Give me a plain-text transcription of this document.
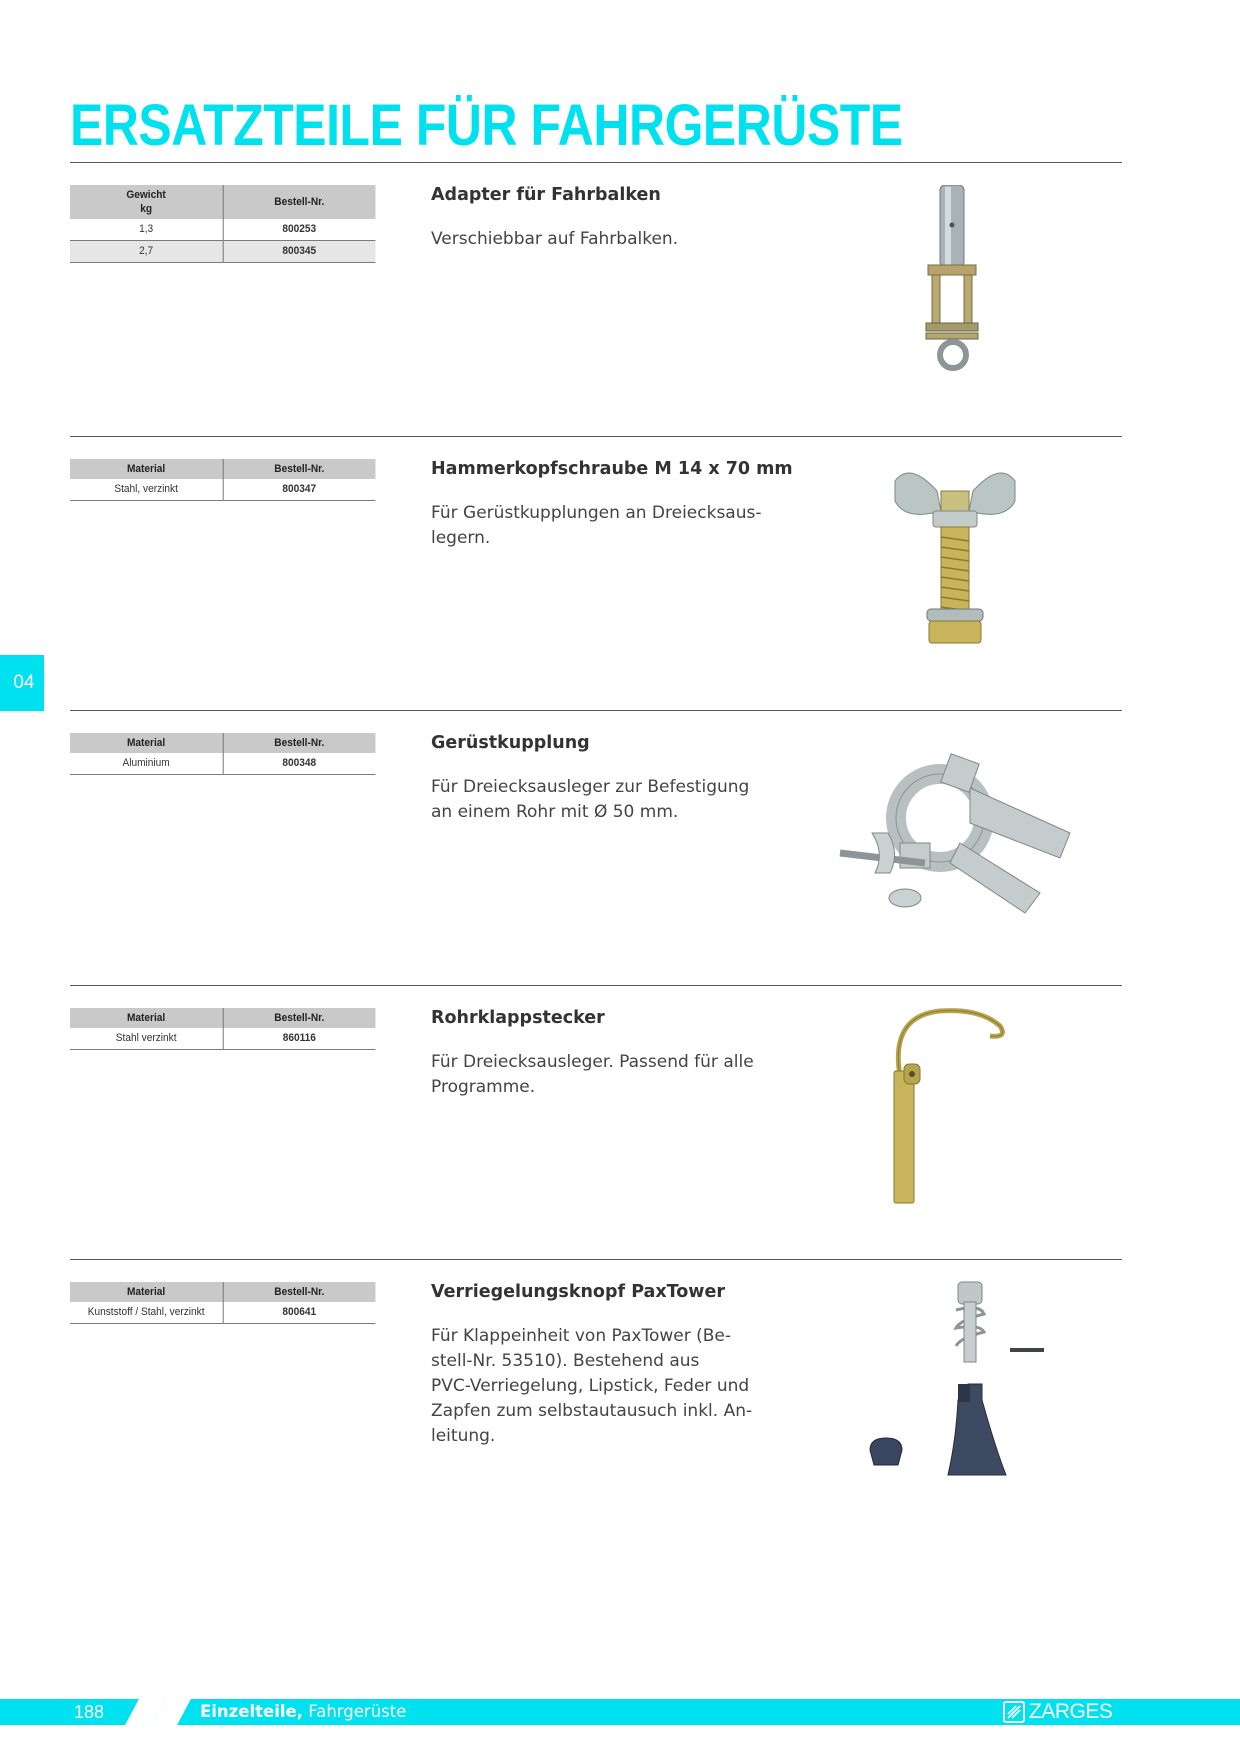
ERSATZTEILE FÜR FAHRGERÜSTE
Gewicht
kg	Bestell-Nr.
1,3	800253
2,7	800345
Adapter für Fahrbalken

Verschiebbar auf Fahrbalken.

Material	Bestell-Nr.
Stahl, verzinkt	800347
Hammerkopfschraube M 14 x 70 mm

Für Gerüstkupplungen an Dreiecksaus-
legern.

Material	Bestell-Nr.
Aluminium	800348
Gerüstkupplung

Für Dreiecksausleger zur Befestigung
an einem Rohr mit Ø 50 mm.

Material	Bestell-Nr.
Stahl verzinkt	860116
Rohrklappstecker

Für Dreiecksausleger. Passend für alle
Programme.

Material	Bestell-Nr.
Kunststoff / Stahl, verzinkt	800641
Verriegelungsknopf PaxTower

Für Klappeinheit von PaxTower (Be-
stell-Nr. 53510). Bestehend aus
PVC-Verriegelung, Lipstick, Feder und
Zapfen zum selbstautausuch inkl. An-
leitung.

04
188	Einzelteile, Fahrgerüste	ZARGES
